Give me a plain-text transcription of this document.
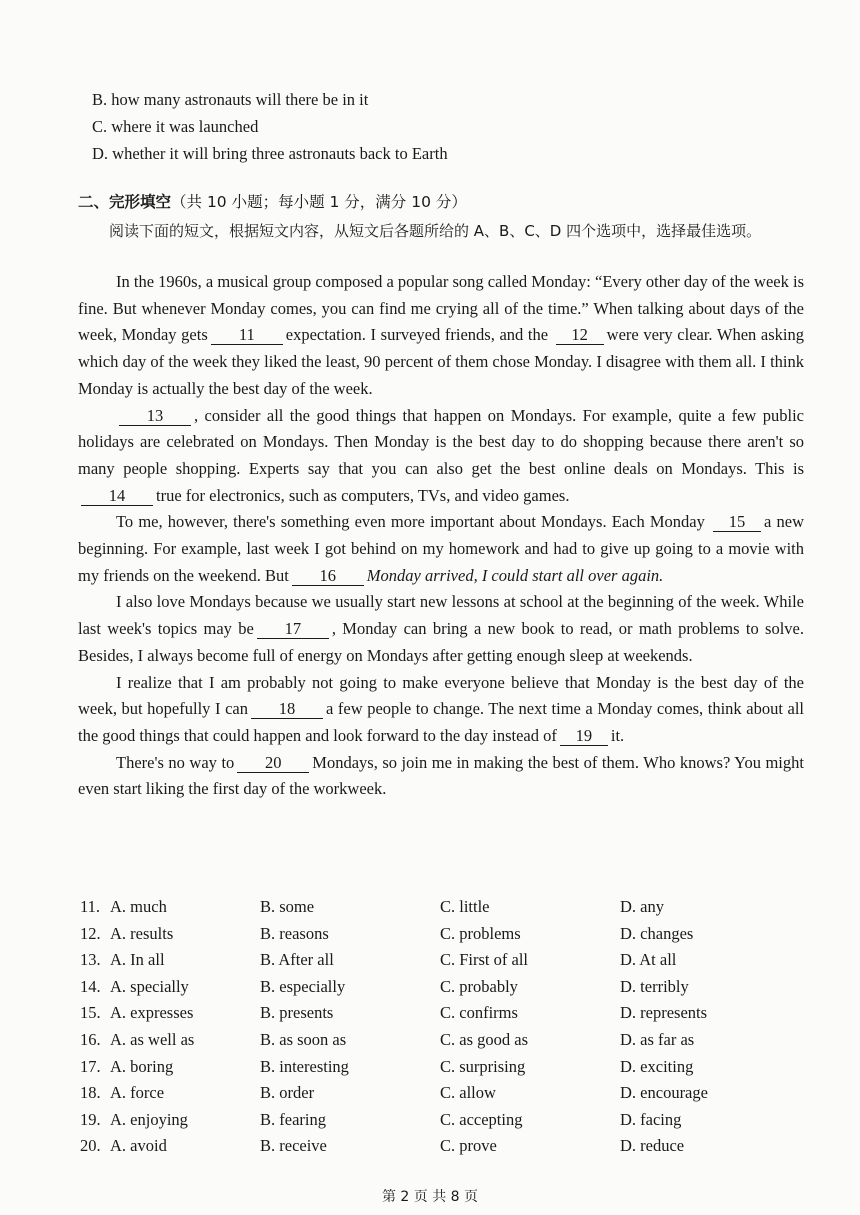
B. how many astronauts will there be in it
C. where it was launched
D. whether it will bring three astronauts back to Earth
二、完形填空（共 10 小题；每小题 1 分，满分 10 分）
阅读下面的短文，根据短文内容，从短文后各题所给的 A、B、C、D 四个选项中，选择最佳选项。

In the 1960s, a musical group composed a popular song called Monday: “Every other day of the week is fine. But whenever Monday comes, you can find me crying all of the time.” When talking about days of the week, Monday gets 11 expectation. I surveyed friends, and the 12 were very clear. When asking which day of the week they liked the least, 90 percent of them chose Monday. I disagree with them all. I think Monday is actually the best day of the week.

13 , consider all the good things that happen on Mondays. For example, quite a few public holidays are celebrated on Mondays. Then Monday is the best day to do shopping because there aren't so many people shopping. Experts say that you can also get the best online deals on Mondays. This is14 true for electronics, such as computers, TVs, and video games.

To me, however, there's something even more important about Mondays. Each Monday 15 a new beginning. For example, last week I got behind on my homework and had to give up going to a movie with my friends on the weekend. But 16 Monday arrived, I could start all over again.

I also love Mondays because we usually start new lessons at school at the beginning of the week. While last week's topics may be 17 , Monday can bring a new book to read, or math problems to solve. Besides, I always become full of energy on Mondays after getting enough sleep at weekends.

I realize that I am probably not going to make everyone believe that Monday is the best day of the week, but hopefully I can 18 a few people to change. The next time a Monday comes, think about all the good things that could happen and look forward to the day instead of 19 it.

There's no way to 20 Mondays, so join me in making the best of them. Who knows? You might even start liking the first day of the workweek.

11. A. much	B. some	C. little	D. any
12. A. results	B. reasons	C. problems	D. changes
13. A. In all	B. After all	C. First of all	D. At all
14. A. specially	B. especially	C. probably	D. terribly
15. A. expresses	B. presents	C. confirms	D. represents
16. A. as well as	B. as soon as	C. as good as	D. as far as
17. A. boring	B. interesting	C. surprising	D. exciting
18. A. force	B. order	C. allow	D. encourage
19. A. enjoying	B. fearing	C. accepting	D. facing
20. A. avoid	B. receive	C. prove	D. reduce
第 2 页 共 8 页
